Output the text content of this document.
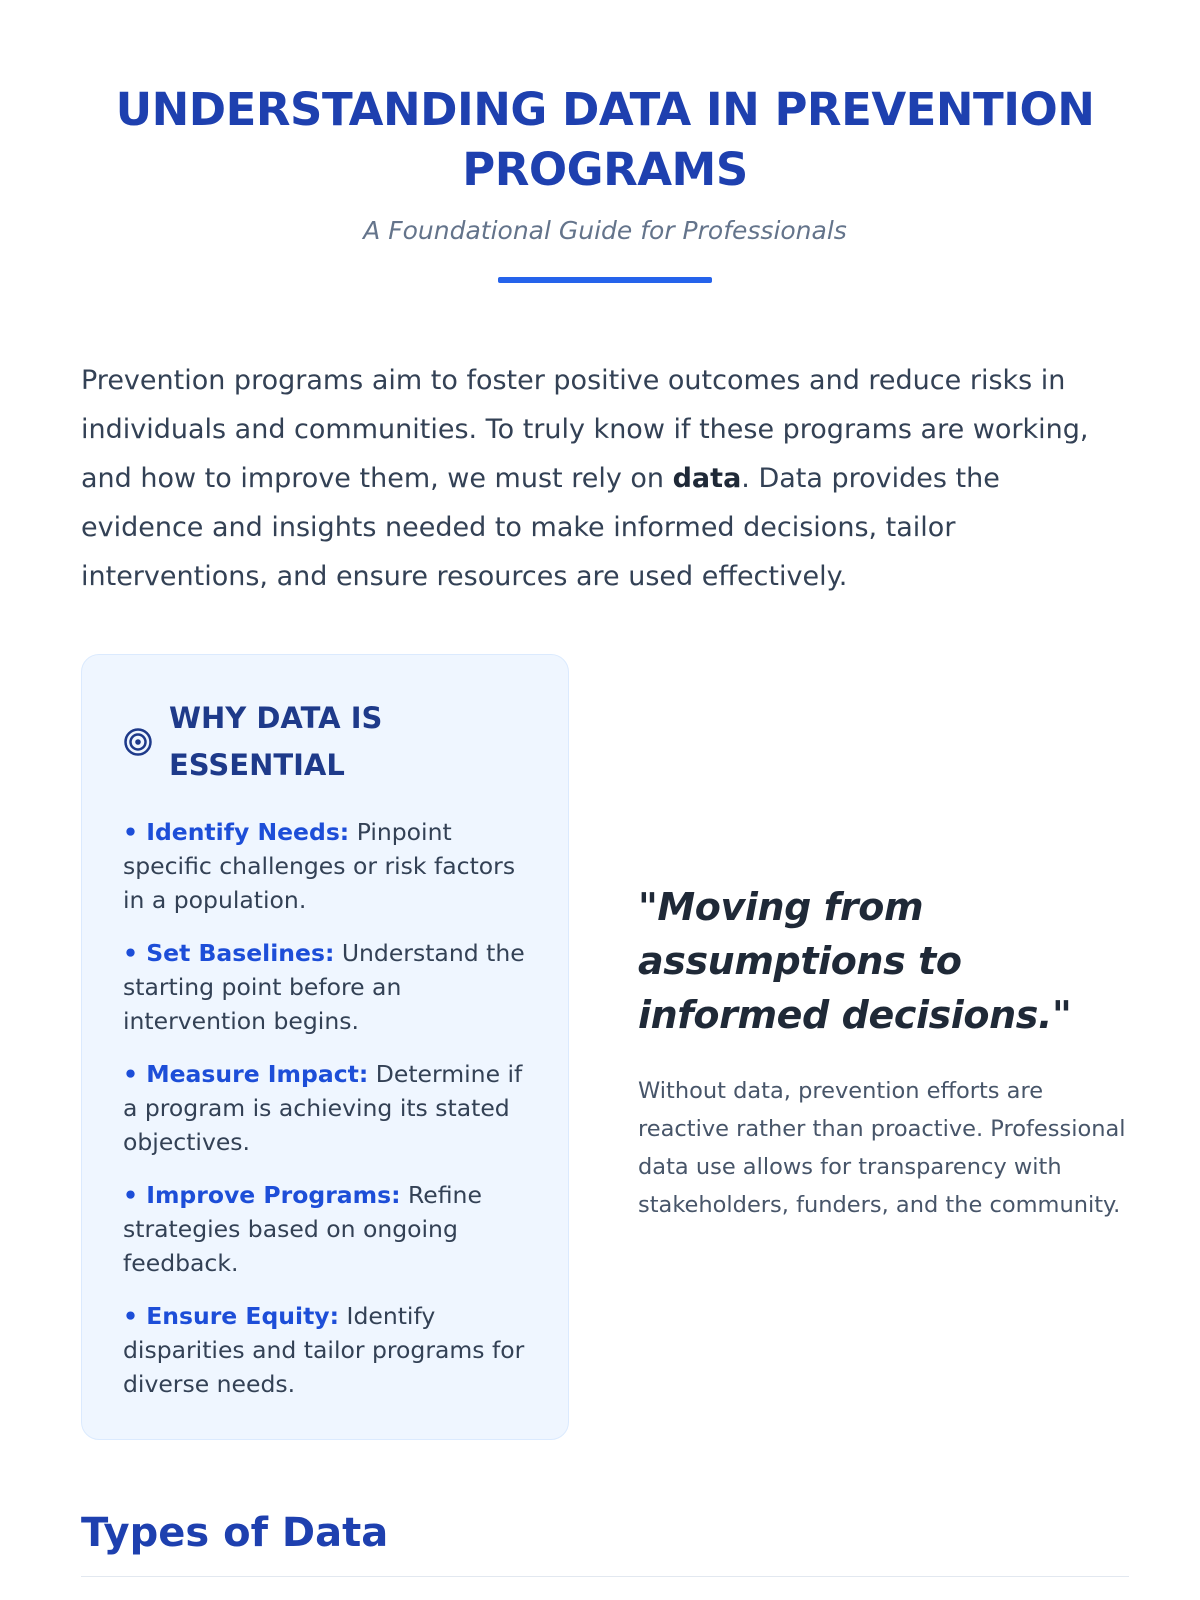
UNDERSTANDING DATA IN PREVENTION PROGRAMS

A Foundational Guide for Professionals

Prevention programs aim to foster positive outcomes and reduce risks in individuals and communities. To truly know if these programs are working, and how to improve them, we must rely on data. Data provides the evidence and insights needed to make informed decisions, tailor interventions, and ensure resources are used effectively.

WHY DATA IS ESSENTIAL
• Identify Needs: Pinpoint specific challenges or risk factors in a population.
• Set Baselines: Understand the starting point before an intervention begins.
• Measure Impact: Determine if a program is achieving its stated objectives.
• Improve Programs: Refine strategies based on ongoing feedback.
• Ensure Equity: Identify disparities and tailor programs for diverse needs.
"Moving from assumptions to informed decisions."

Without data, prevention efforts are reactive rather than proactive. Professional data use allows for transparency with stakeholders, funders, and the community.

Types of Data
